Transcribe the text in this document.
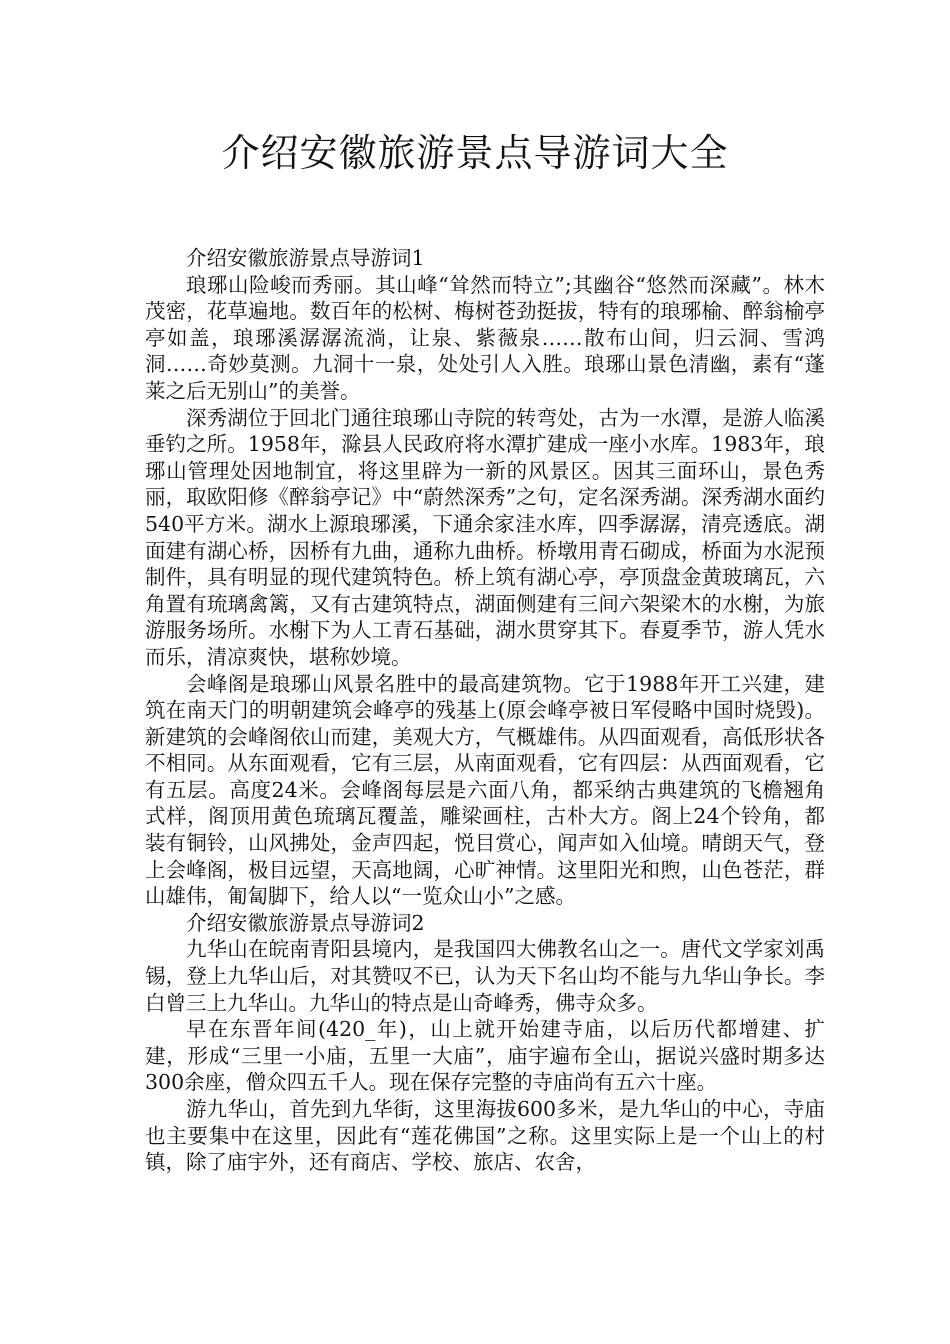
介绍安徽旅游景点导游词大全

介绍安徽旅游景点导游词1

琅琊山险峻而秀丽。其山峰“耸然而特立”;其幽谷“悠然而深藏”。林木茂密，花草遍地。数百年的松树、梅树苍劲挺拔，特有的琅琊榆、醉翁榆亭亭如盖，琅琊溪潺潺流淌，让泉、紫薇泉……散布山间，归云洞、雪鸿洞……奇妙莫测。九洞十一泉，处处引人入胜。琅琊山景色清幽，素有“蓬莱之后无别山”的美誉。

深秀湖位于回北门通往琅琊山寺院的转弯处，古为一水潭，是游人临溪垂钓之所。1958年，滁县人民政府将水潭扩建成一座小水库。1983年，琅琊山管理处因地制宜，将这里辟为一新的风景区。因其三面环山，景色秀丽，取欧阳修《醉翁亭记》中“蔚然深秀”之句，定名深秀湖。深秀湖水面约540平方米。湖水上源琅琊溪，下通余家洼水库，四季潺潺，清亮透底。湖面建有湖心桥，因桥有九曲，通称九曲桥。桥墩用青石砌成，桥面为水泥预制件，具有明显的现代建筑特色。桥上筑有湖心亭，亭顶盘金黄玻璃瓦，六角置有琉璃禽篱，又有古建筑特点，湖面侧建有三间六架梁木的水榭，为旅游服务场所。水榭下为人工青石基础，湖水贯穿其下。春夏季节，游人凭水而乐，清凉爽快，堪称妙境。

会峰阁是琅琊山风景名胜中的最高建筑物。它于1988年开工兴建，建筑在南天门的明朝建筑会峰亭的残基上(原会峰亭被日军侵略中国时烧毁)。新建筑的会峰阁依山而建，美观大方，气概雄伟。从四面观看，高低形状各不相同。从东面观看，它有三层，从南面观看，它有四层：从西面观看，它有五层。高度24米。会峰阁每层是六面八角，都采纳古典建筑的飞檐翘角式样，阁顶用黄色琉璃瓦覆盖，雕梁画柱，古朴大方。阁上24个铃角，都装有铜铃，山风拂处，金声四起，悦目赏心，闻声如入仙境。晴朗天气，登上会峰阁，极目远望，天高地阔，心旷神情。这里阳光和煦，山色苍茫，群山雄伟，匍匐脚下，给人以“一览众山小”之感。

介绍安徽旅游景点导游词2

九华山在皖南青阳县境内，是我国四大佛教名山之一。唐代文学家刘禹锡，登上九华山后，对其赞叹不已，认为天下名山均不能与九华山争长。李白曾三上九华山。九华山的特点是山奇峰秀，佛寺众多。

早在东晋年间(420_年)，山上就开始建寺庙，以后历代都增建、扩建，形成“三里一小庙，五里一大庙”，庙宇遍布全山，据说兴盛时期多达300余座，僧众四五千人。现在保存完整的寺庙尚有五六十座。

游九华山，首先到九华街，这里海拔600多米，是九华山的中心，寺庙也主要集中在这里，因此有“莲花佛国”之称。这里实际上是一个山上的村镇，除了庙宇外，还有商店、学校、旅店、农舍，
